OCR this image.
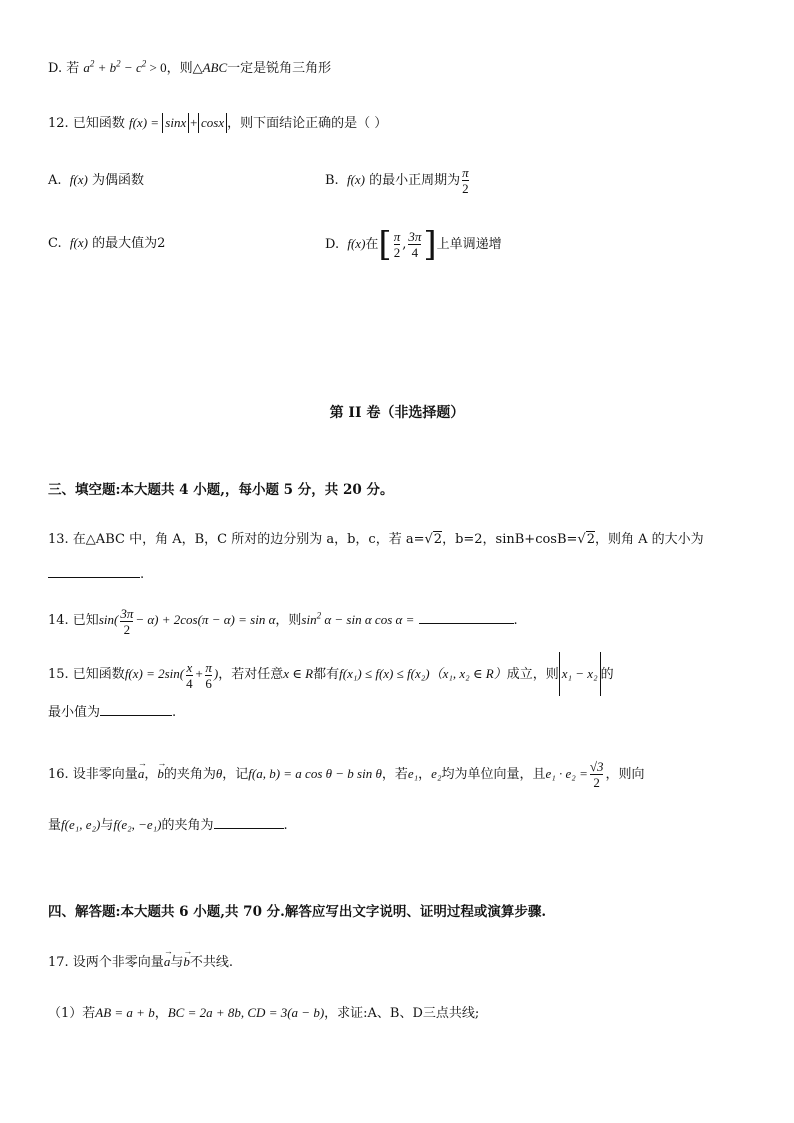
D. 若 $a^2 + b^2 - c^2 > 0$，则△ABC一定是锐角三角形
12. 已知函数 f(x) = sinx + cosx ，则下面结论正确的是（ ）
A. f(x) 为偶函数	B. f(x) 的最小正周期为 $\frac{\pi}{2}$
C. f(x) 的最大值为2	D. f(x)在[ $\frac{\pi}{2}$ , $\frac{3\pi}{4}$ ]上单调递增
第 II 卷（非选择题）
三、填空题:本大题共 4 小题,，每小题 5 分，共 20 分。
13. 在△ABC 中，角 A，B，C 所对的边分别为 a，b，c，若 a=√2，b=2，sinB+cosB=√2，则角 A 的大小为
.
14. 已知$\sin( \frac{3\pi}{2} - \alpha) + 2\cos(\pi - \alpha) = \sin \alpha$，则$\sin^2 \alpha - \sin \alpha$ cos α =	.
15. 已知函数$f(x) = 2\sin( \frac{x}{4} + \frac{\pi}{6}$ )，若对任意x ∈ R都有f(x₁) ≤ f(x) ≤ f(x₂)（x₁, x₂ ∈ R）成立，则 x₁ − x₂ 的
最小值为	.
16. 设非零向量→ a，→ b的夹角为θ，记f(a, b) = a cos θ − b sin θ，若e₁，e₂均为单位向量，且$e_1 \cdot e_2 = \frac{√3}{2}$ ，则向
量f(e₁, e₂)与f(e₂, −e₁)的夹角为	.
四、解答题:本大题共 6 小题,共 70 分.解答应写出文字说明、证明过程或演算步骤.
17. 设两个非零向量→ a与→ b不共线.
（1）若AB = a + b，BC = 2a + 8b, CD = 3(a − b)，求证:A、B、D三点共线;
